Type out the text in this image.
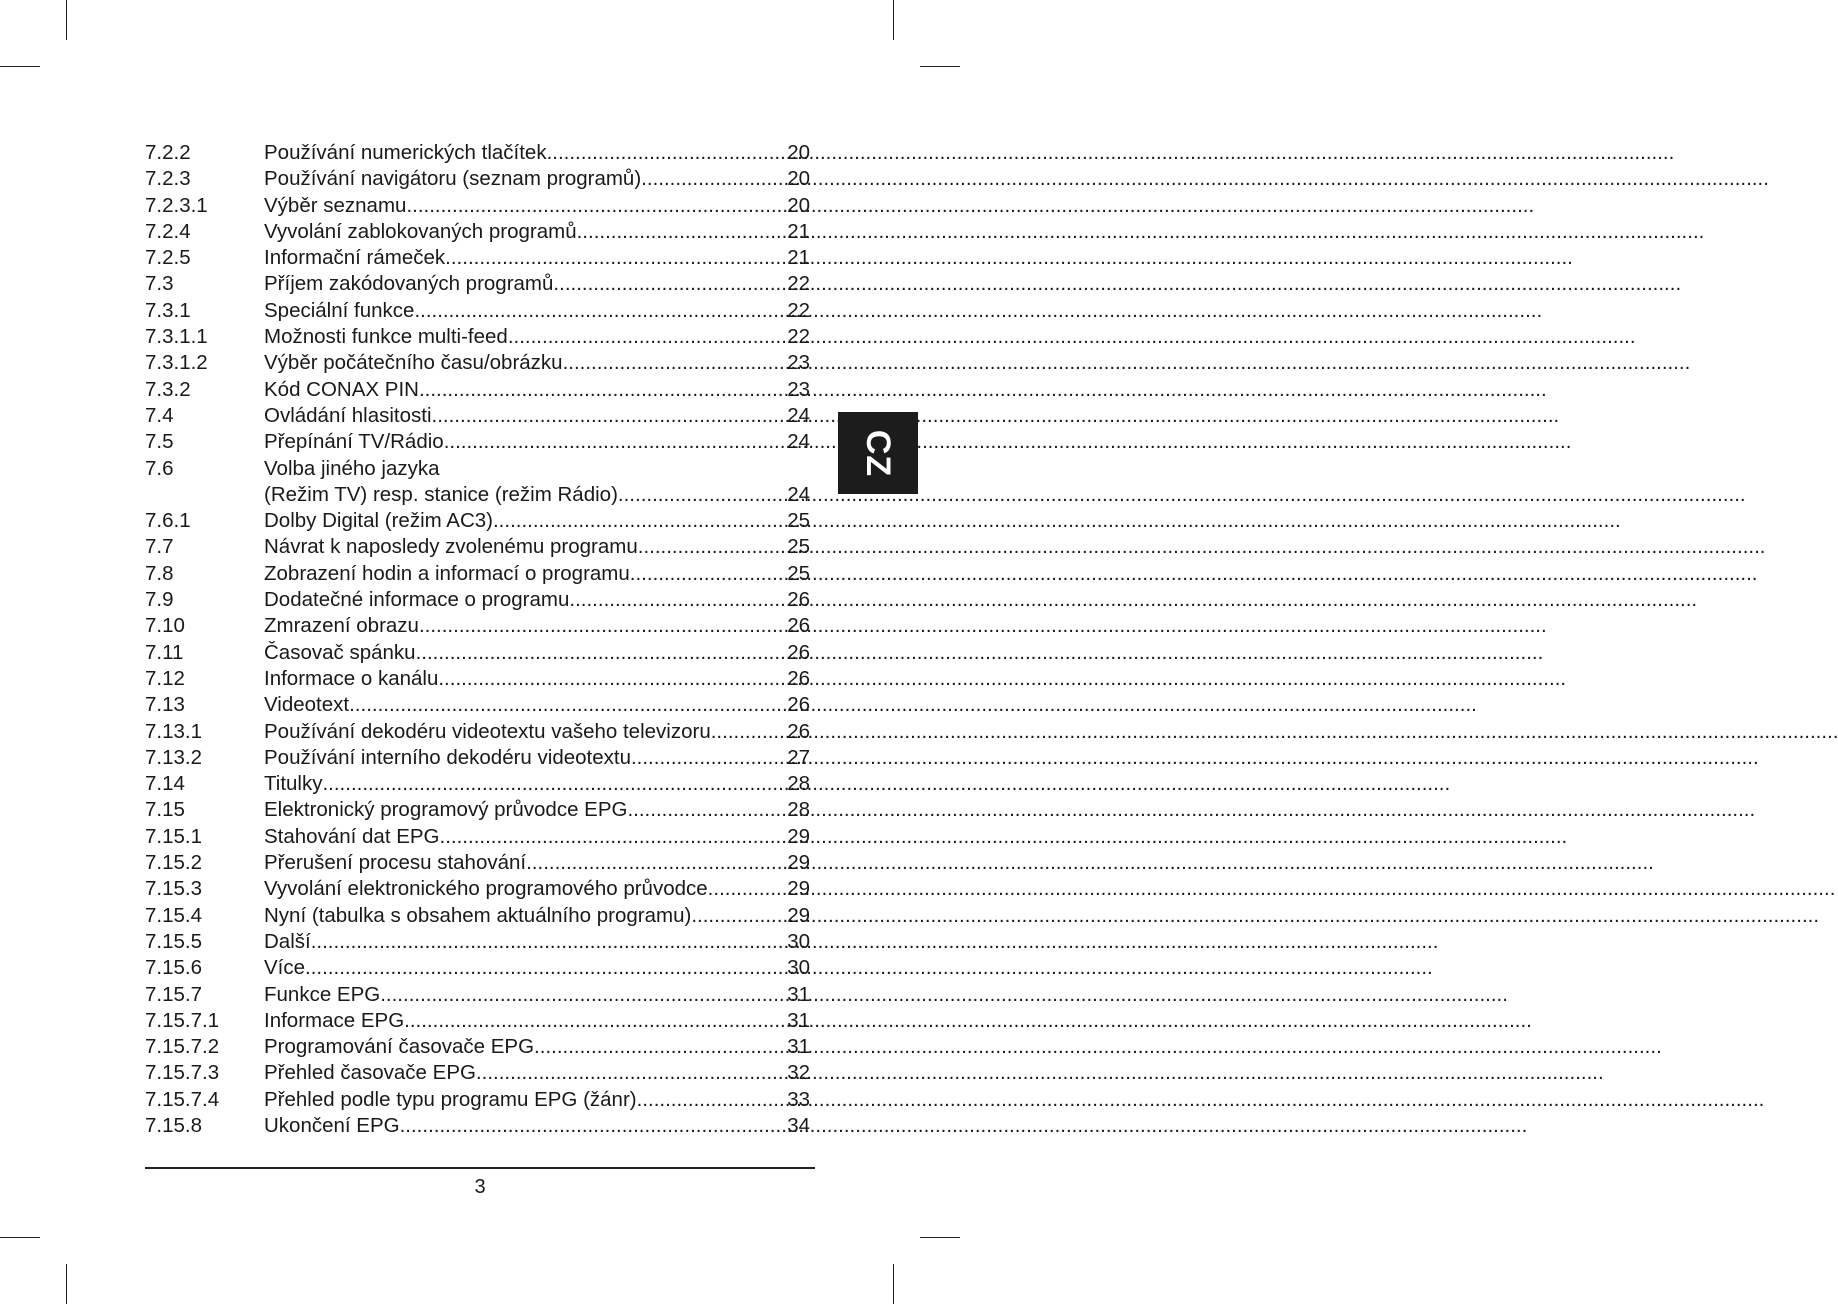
7.2.2	Používání numerických tlačítek .....	20
7.2.3	Používání navigátoru (seznam programů) .....	20
7.2.3.1	Výběr seznamu .....	20
7.2.4	Vyvolání zablokovaných programů .....	21
7.2.5	Informační rámeček .....	21
7.3	Příjem zakódovaných programů .....	22
7.3.1	Speciální funkce .....	22
7.3.1.1	Možnosti funkce multi-feed .....	22
7.3.1.2	Výběr počátečního času/obrázku .....	23
7.3.2	Kód CONAX PIN .....	23
7.4	Ovládání hlasitosti .....	24
7.5	Přepínání TV/Rádio .....	24
7.6	Volba jiného jazyka
(Režim TV) resp. stanice (režim Rádio) .....	24
7.6.1	Dolby Digital (režim AC3) .....	25
7.7	Návrat k naposledy zvolenému programu .....	25
7.8	Zobrazení hodin a informací o programu .....	25
7.9	Dodatečné informace o programu .....	26
7.10	Zmrazení obrazu .....	26
7.11	Časovač spánku .....	26
7.12	Informace o kanálu .....	26
7.13	Videotext .....	26
7.13.1	Používání dekodéru videotextu vašeho televizoru .....	26
7.13.2	Používání interního dekodéru videotextu .....	27
7.14	Titulky .....	28
7.15	Elektronický programový průvodce EPG .....	28
7.15.1	Stahování dat EPG .....	29
7.15.2	Přerušení procesu stahování .....	29
7.15.3	Vyvolání elektronického programového průvodce .....	29
7.15.4	Nyní (tabulka s obsahem aktuálního programu) .....	29
7.15.5	Další .....	30
7.15.6	Více .....	30
7.15.7	Funkce EPG .....	31
7.15.7.1	Informace EPG .....	31
7.15.7.2	Programování časovače EPG .....	31
7.15.7.3	Přehled časovače EPG .....	32
7.15.7.4	Přehled podle typu programu EPG (žánr) .....	33
7.15.8	Ukončení EPG .....	34
3
CZ
